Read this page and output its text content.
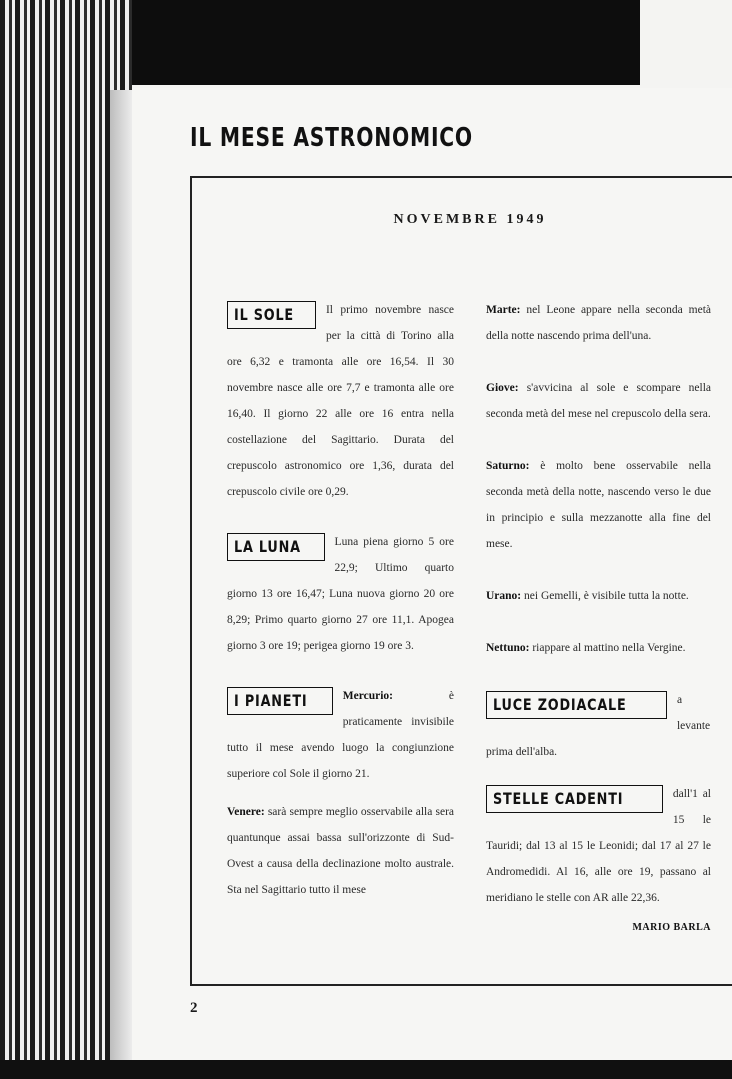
IL MESE ASTRONOMICO
NOVEMBRE 1949
IL SOLE	Il primo novembre nasce per la città di Torino alla ore 6,32 e tramonta alle ore 16,54. Il 30 novembre nasce alle ore 7,7 e tramonta alle ore 16,40. Il giorno 22 alle ore 16 entra nella costellazione del Sagittario. Durata del crepuscolo astronomico ore 1,36, durata del crepuscolo civile ore 0,29.

LA LUNA	Luna piena giorno 5 ore 22,9; Ultimo quarto giorno 13 ore 16,47; Luna nuova giorno 20 ore 8,29; Primo quarto giorno 27 ore 11,1. Apogea giorno 3 ore 19; perigea giorno 19 ore 3.

I PIANETI	Mercurio:	è praticamente invisibile tutto il mese avendo luogo la congiunzione superiore col Sole il giorno 21.

Venere: sarà sempre meglio osservabile alla sera quantunque assai bassa sull'orizzonte di Sud-Ovest a causa della declinazione molto australe. Sta nel Sagittario tutto il mese

Marte: nel Leone appare nella seconda metà della notte nascendo prima dell'una.

Giove: s'avvicina al sole e scompare nella seconda metà del mese nel crepuscolo della sera.

Saturno: è molto bene osservabile nella seconda metà della notte, nascendo verso le due in principio e sulla mezzanotte alla fine del mese.

Urano: nei Gemelli, è visibile tutta la notte.

Nettuno: riappare al mattino nella Vergine.

LUCE ZODIACALE	a levante prima dell'alba.

STELLE CADENTI	dall'1 al 15 le Tauridi; dal 13 al 15 le Leonidi; dal 17 al 27 le Andromedidi. Al 16, alle ore 19, passano al meridiano le stelle con AR alle 22,36.

MARIO BARLA
2
